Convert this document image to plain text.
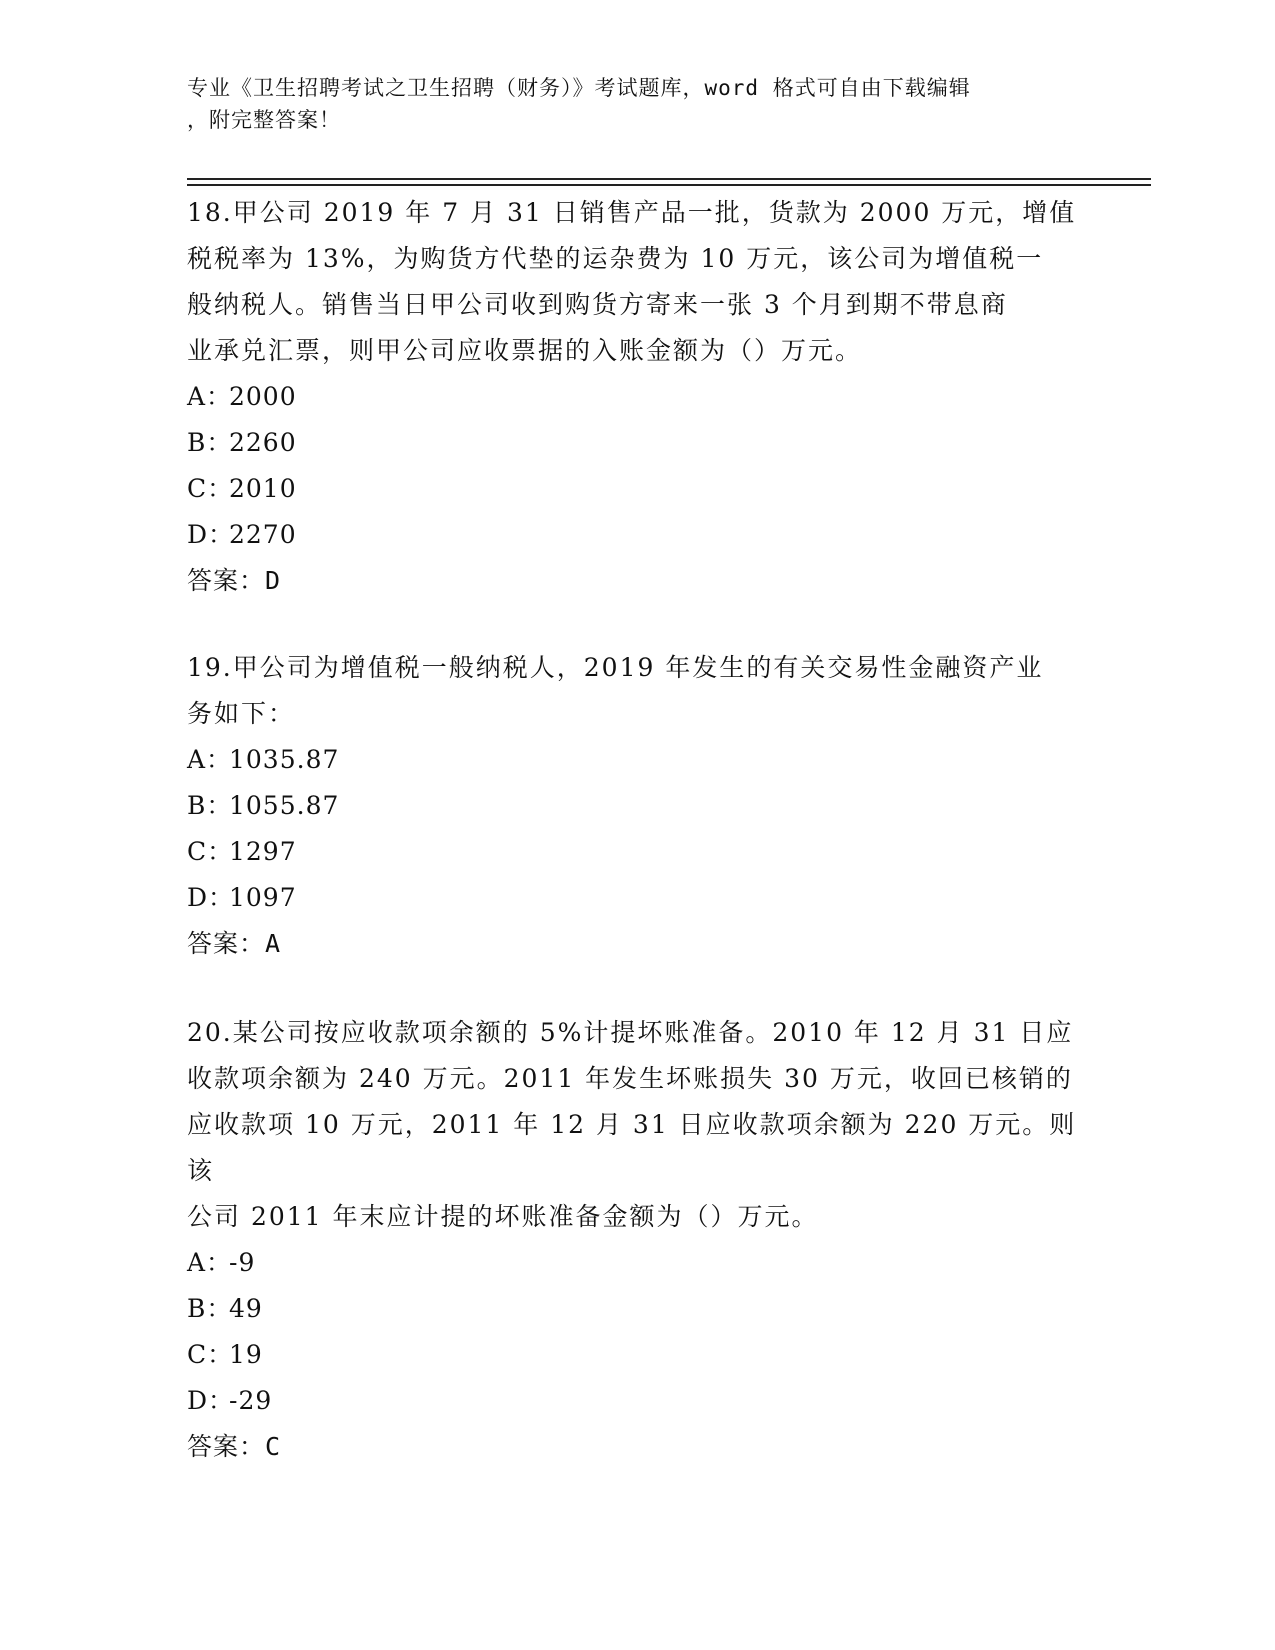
专业《卫生招聘考试之卫生招聘（财务）》考试题库，word 格式可自由下载编辑
，附完整答案！
18.甲公司 2019 年 7 月 31 日销售产品一批，货款为 2000 万元，增值
税税率为 13%，为购货方代垫的运杂费为 10 万元，该公司为增值税一
般纳税人。销售当日甲公司收到购货方寄来一张 3 个月到期不带息商
业承兑汇票，则甲公司应收票据的入账金额为（）万元。
A：2000
B：2260
C：2010
D：2270
答案：D
19.甲公司为增值税一般纳税人，2019 年发生的有关交易性金融资产业
务如下：
A：1035.87
B：1055.87
C：1297
D：1097
答案：A
20.某公司按应收款项余额的 5%计提坏账准备。2010 年 12 月 31 日应
收款项余额为 240 万元。2011 年发生坏账损失 30 万元，收回已核销的
应收款项 10 万元，2011 年 12 月 31 日应收款项余额为 220 万元。则该
公司 2011 年末应计提的坏账准备金额为（）万元。
A：-9
B：49
C：19
D：-29
答案：C
